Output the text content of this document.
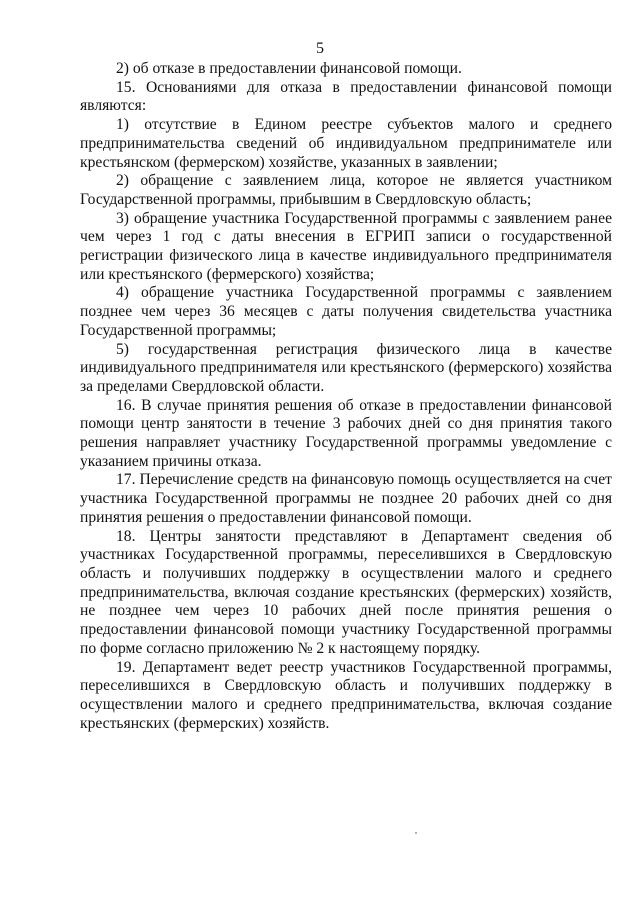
5

2) об отказе в предоставлении финансовой помощи.

15. Основаниями для отказа в предоставлении финансовой помощи являются:

1) отсутствие в Едином реестре субъектов малого и среднего предпринимательства сведений об индивидуальном предпринимателе или крестьянском (фермерском) хозяйстве, указанных в заявлении;

2) обращение с заявлением лица, которое не является участником Государственной программы, прибывшим в Свердловскую область;

3) обращение участника Государственной программы с заявлением ранее чем через 1 год с даты внесения в ЕГРИП записи о государственной регистрации физического лица в качестве индивидуального предпринимателя или крестьянского (фермерского) хозяйства;

4) обращение участника Государственной программы с заявлением позднее чем через 36 месяцев с даты получения свидетельства участника Государственной программы;

5) государственная регистрация физического лица в качестве индивидуального предпринимателя или крестьянского (фермерского) хозяйства за пределами Свердловской области.

16. В случае принятия решения об отказе в предоставлении финансовой помощи центр занятости в течение 3 рабочих дней со дня принятия такого решения направляет участнику Государственной программы уведомление с указанием причины отказа.

17. Перечисление средств на финансовую помощь осуществляется на счет участника Государственной программы не позднее 20 рабочих дней со дня принятия решения о предоставлении финансовой помощи.

18. Центры занятости представляют в Департамент сведения об участниках Государственной программы, переселившихся в Свердловскую область и получивших поддержку в осуществлении малого и среднего предпринимательства, включая создание крестьянских (фермерских) хозяйств, не позднее чем через 10 рабочих дней после принятия решения о предоставлении финансовой помощи участнику Государственной программы по форме согласно приложению № 2 к настоящему порядку.

19. Департамент ведет реестр участников Государственной программы, переселившихся в Свердловскую область и получивших поддержку в осуществлении малого и среднего предпринимательства, включая создание крестьянских (фермерских) хозяйств.
